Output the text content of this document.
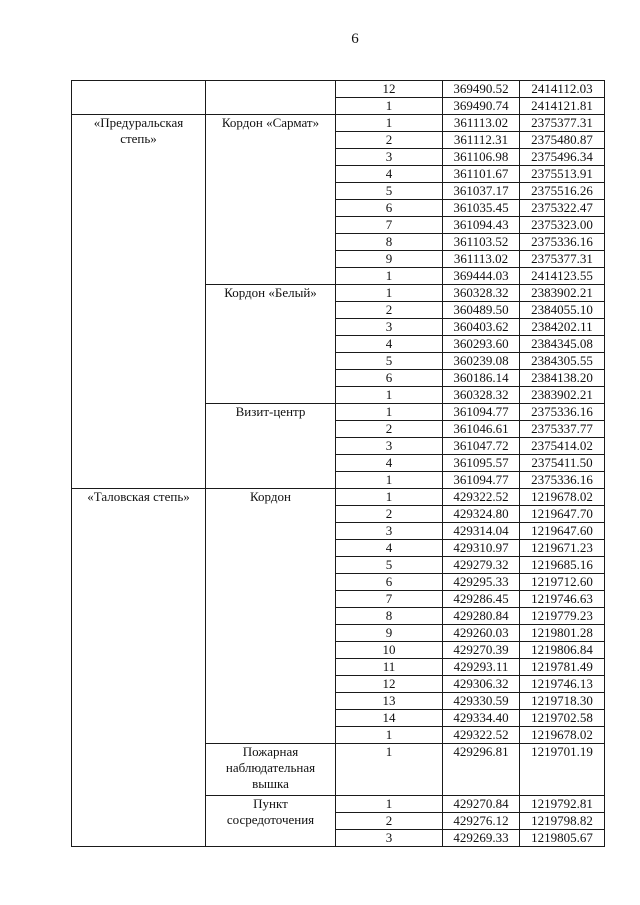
6
		12	369490.52	2414112.03
		1	369490.74	2414121.81
«Предуральская степь»	Кордон «Сармат»	1	361113.02	2375377.31
		2	361112.31	2375480.87
		3	361106.98	2375496.34
		4	361101.67	2375513.91
		5	361037.17	2375516.26
		6	361035.45	2375322.47
		7	361094.43	2375323.00
		8	361103.52	2375336.16
		9	361113.02	2375377.31
		1	369444.03	2414123.55
	Кордон «Белый»	1	360328.32	2383902.21
		2	360489.50	2384055.10
		3	360403.62	2384202.11
		4	360293.60	2384345.08
		5	360239.08	2384305.55
		6	360186.14	2384138.20
		1	360328.32	2383902.21
	Визит-центр	1	361094.77	2375336.16
		2	361046.61	2375337.77
		3	361047.72	2375414.02
		4	361095.57	2375411.50
		1	361094.77	2375336.16
«Таловская степь»	Кордон	1	429322.52	1219678.02
		2	429324.80	1219647.70
		3	429314.04	1219647.60
		4	429310.97	1219671.23
		5	429279.32	1219685.16
		6	429295.33	1219712.60
		7	429286.45	1219746.63
		8	429280.84	1219779.23
		9	429260.03	1219801.28
		10	429270.39	1219806.84
		11	429293.11	1219781.49
		12	429306.32	1219746.13
		13	429330.59	1219718.30
		14	429334.40	1219702.58
		1	429322.52	1219678.02
	Пожарная наблюдательная вышка	1	429296.81	1219701.19
	Пункт сосредоточения	1	429270.84	1219792.81
		2	429276.12	1219798.82
		3	429269.33	1219805.67
